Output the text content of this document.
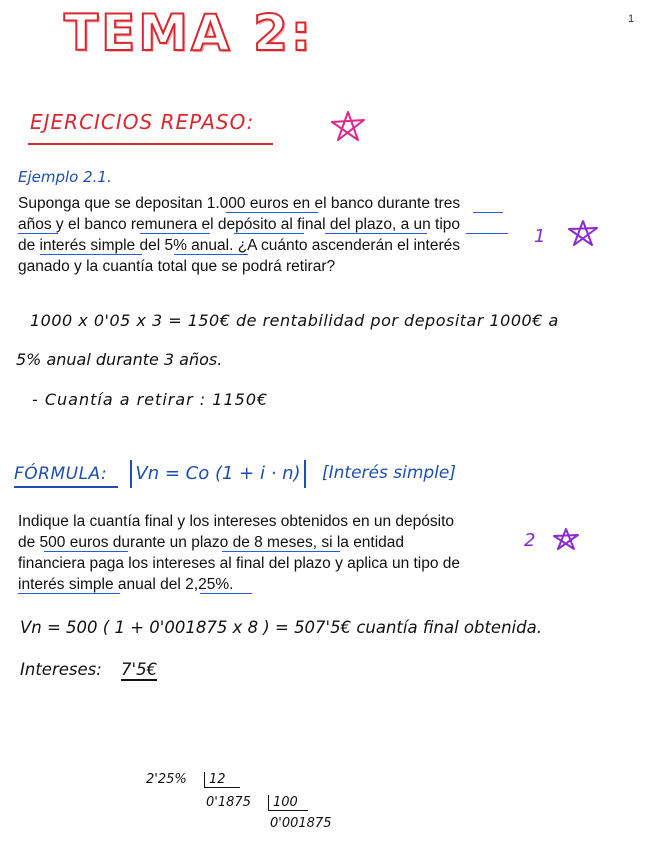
1
TEMA 2:
EJERCICIOS REPASO:
Ejemplo 2.1.
Suponga que se depositan 1.000 euros en el banco durante tres
años y el banco remunera el depósito al final del plazo, a un tipo
de interés simple del 5% anual. ¿A cuánto ascenderán el interés
ganado y la cuantía total que se podrá retirar?
1
1000 x 0'05 x 3 = 150€ de rentabilidad por depositar 1000€ a
5% anual durante 3 años.
- Cuantía a retirar : 1150€
FÓRMULA:	Vn = Co (1 + i · n)	[Interés simple]
Indique la cuantía final y los intereses obtenidos en un depósito
de 500 euros durante un plazo de 8 meses, si la entidad
financiera paga los intereses al final del plazo y aplica un tipo de
interés simple anual del 2,25%.
2
Vn = 500 ( 1 + 0'001875 x 8 ) = 507'5€ cuantía final obtenida.
Intereses: 7'5€
2'25%	12
0'1875	100
0'001875
